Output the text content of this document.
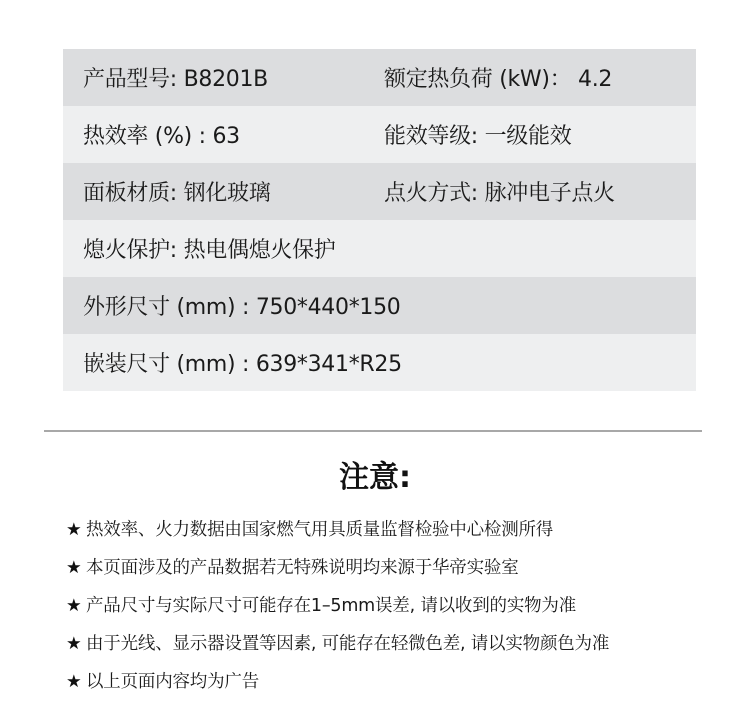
产品型号: B8201B	额定热负荷 (kW)： 4.2
热效率 (%) : 63	能效等级: 一级能效
面板材质: 钢化玻璃	点火方式: 脉冲电子点火
熄火保护: 热电偶熄火保护
外形尺寸 (mm) : 750*440*150
嵌装尺寸 (mm) : 639*341*R25
注意:
★ 热效率、火力数据由国家燃气用具质量监督检验中心检测所得
★ 本页面涉及的产品数据若无特殊说明均来源于华帝实验室
★ 产品尺寸与实际尺寸可能存在1–5mm误差, 请以收到的实物为准
★ 由于光线、显示器设置等因素, 可能存在轻微色差, 请以实物颜色为准
★ 以上页面内容均为广告
